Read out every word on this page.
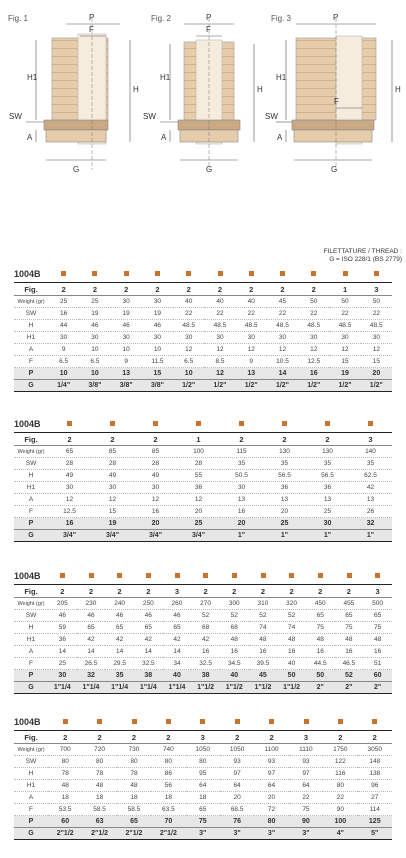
Fig. 1	P
F
H1
H
SW
A
G
Fig. 2	P
F
H1
H
SW
A
G
Fig. 3	P
F
H1
H
SW
A
G
FILETTATURE / THREAD :
G = ISO 228/1 (BS 2779)
1004B
Fig.	2	2	2	2	2	2	2	2	2	1	3
Weight (gr)	25	25	30	30	40	40	40	45	50	50	50
SW	16	19	19	19	22	22	22	22	22	22	22
H	44	46	46	46	48.5	48.5	48.5	48.5	48.5	48.5	48.5
H1	30	30	30	30	30	30	30	30	30	30	30
A	9	10	10	10	12	12	12	12	12	12	12
F	6.5	6.5	9	11.5	6.5	8.5	9	10.5	12.5	15	15
P	10	10	13	15	10	12	13	14	16	19	20
G	1/4"	3/8"	3/8"	3/8"	1/2"	1/2"	1/2"	1/2"	1/2"	1/2"	1/2"
1004B
Fig.	2	2	2	1	2	2	2	3
Weight (gr)	65	85	85	100	115	130	130	140
SW	28	28	28	28	35	35	35	35
H	49	49	49	55	50.5	56.5	56.5	62.5
H1	30	30	30	36	30	36	36	42
A	12	12	12	12	13	13	13	13
F	12.5	15	16	20	16	20	25	26
P	16	19	20	25	20	25	30	32
G	3/4"	3/4"	3/4"	3/4"	1"	1"	1"	1"
1004B
Fig.	2	2	2	2	3	2	2	2	2	2	2	3
Weight (gr)	205	230	240	250	260	270	300	310	320	450	455	500
SW	46	46	46	46	46	52	52	52	52	65	65	65
H	59	65	65	65	65	68	68	74	74	75	75	75
H1	36	42	42	42	42	42	48	48	48	48	48	48
A	14	14	14	14	14	16	16	16	16	16	16	16
F	25	26.5	29.5	32.5	34	32.5	34.5	39.5	40	44.5	46.5	51
P	30	32	35	38	40	38	40	45	50	50	52	60
G	1"1/4	1"1/4	1"1/4	1"1/4	1"1/4	1"1/2	1"1/2	1"1/2	1"1/2	2"	2"	2"
1004B
Fig.	2	2	2	2	3	2	2	3	2	2
Weight (gr)	700	720	730	740	1050	1050	1100	1110	1750	3050
SW	80	80	80	80	80	93	93	93	122	148
H	78	78	78	86	95	97	97	97	116	138
H1	48	48	48	56	64	64	64	64	80	96
A	18	18	18	18	18	20	20	22	22	27
F	53.5	58.5	58.5	63.5	65	68.5	72	75	90	114
P	60	63	65	70	75	76	80	90	100	125
G	2"1/2	2"1/2	2"1/2	2"1/2	3"	3"	3"	3"	4"	5"
